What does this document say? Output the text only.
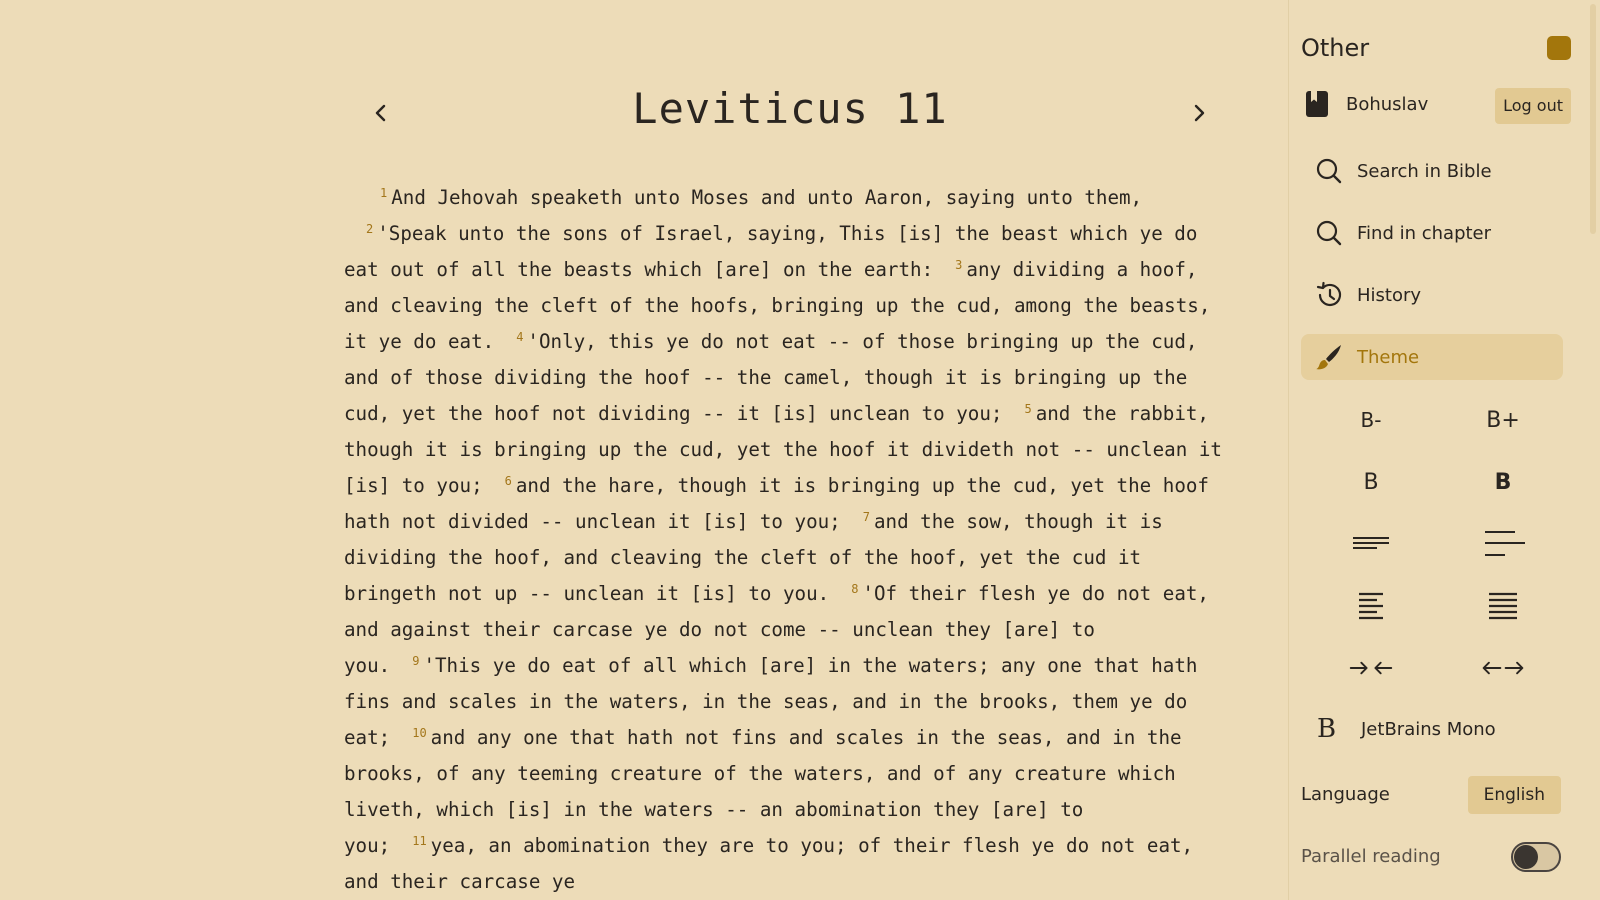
Leviticus 11
$^1$ And Jehovah speaketh unto Moses and unto Aaron, saying unto them,
$^2$ 'Speak unto the sons of Israel, saying, This [is] the beast which ye do eat out of all the beasts which [are] on the earth: $^3$ any dividing a hoof, and cleaving the cleft of the hoofs, bringing up the cud, among the beasts, it ye do eat. $^4$ 'Only, this ye do not eat -- of those bringing up the cud, and of those dividing the hoof -- the camel, though it is bringing up the cud, yet the hoof not dividing -- it [is] unclean to you; $^5$ and the rabbit, though it is bringing up the cud, yet the hoof it divideth not -- unclean it [is] to you; $^6$ and the hare, though it is bringing up the cud, yet the hoof hath not divided -- unclean it [is] to you; $^7$ and the sow, though it is dividing the hoof, and cleaving the cleft of the hoof, yet the cud it bringeth not up -- unclean it [is] to you. $^8$ 'Of their flesh ye do not eat, and against their carcase ye do not come -- unclean they [are] to you. $^9$ 'This ye do eat of all which [are] in the waters; any one that hath fins and scales in the waters, in the seas, and in the brooks, them ye do eat; $^{10}$ and any one that hath not fins and scales in the seas, and in the brooks, of any teeming creature of the waters, and of any creature which liveth, which [is] in the waters -- an abomination they [are] to you; $^{11}$ yea, an abomination they are to you; of their flesh ye do not eat, and their carcase ye
Other
Bohuslav	Log out
Search in Bible
Find in chapter
History
Theme
B-	B+
B	B
B	JetBrains Mono
Language	English
Parallel reading
